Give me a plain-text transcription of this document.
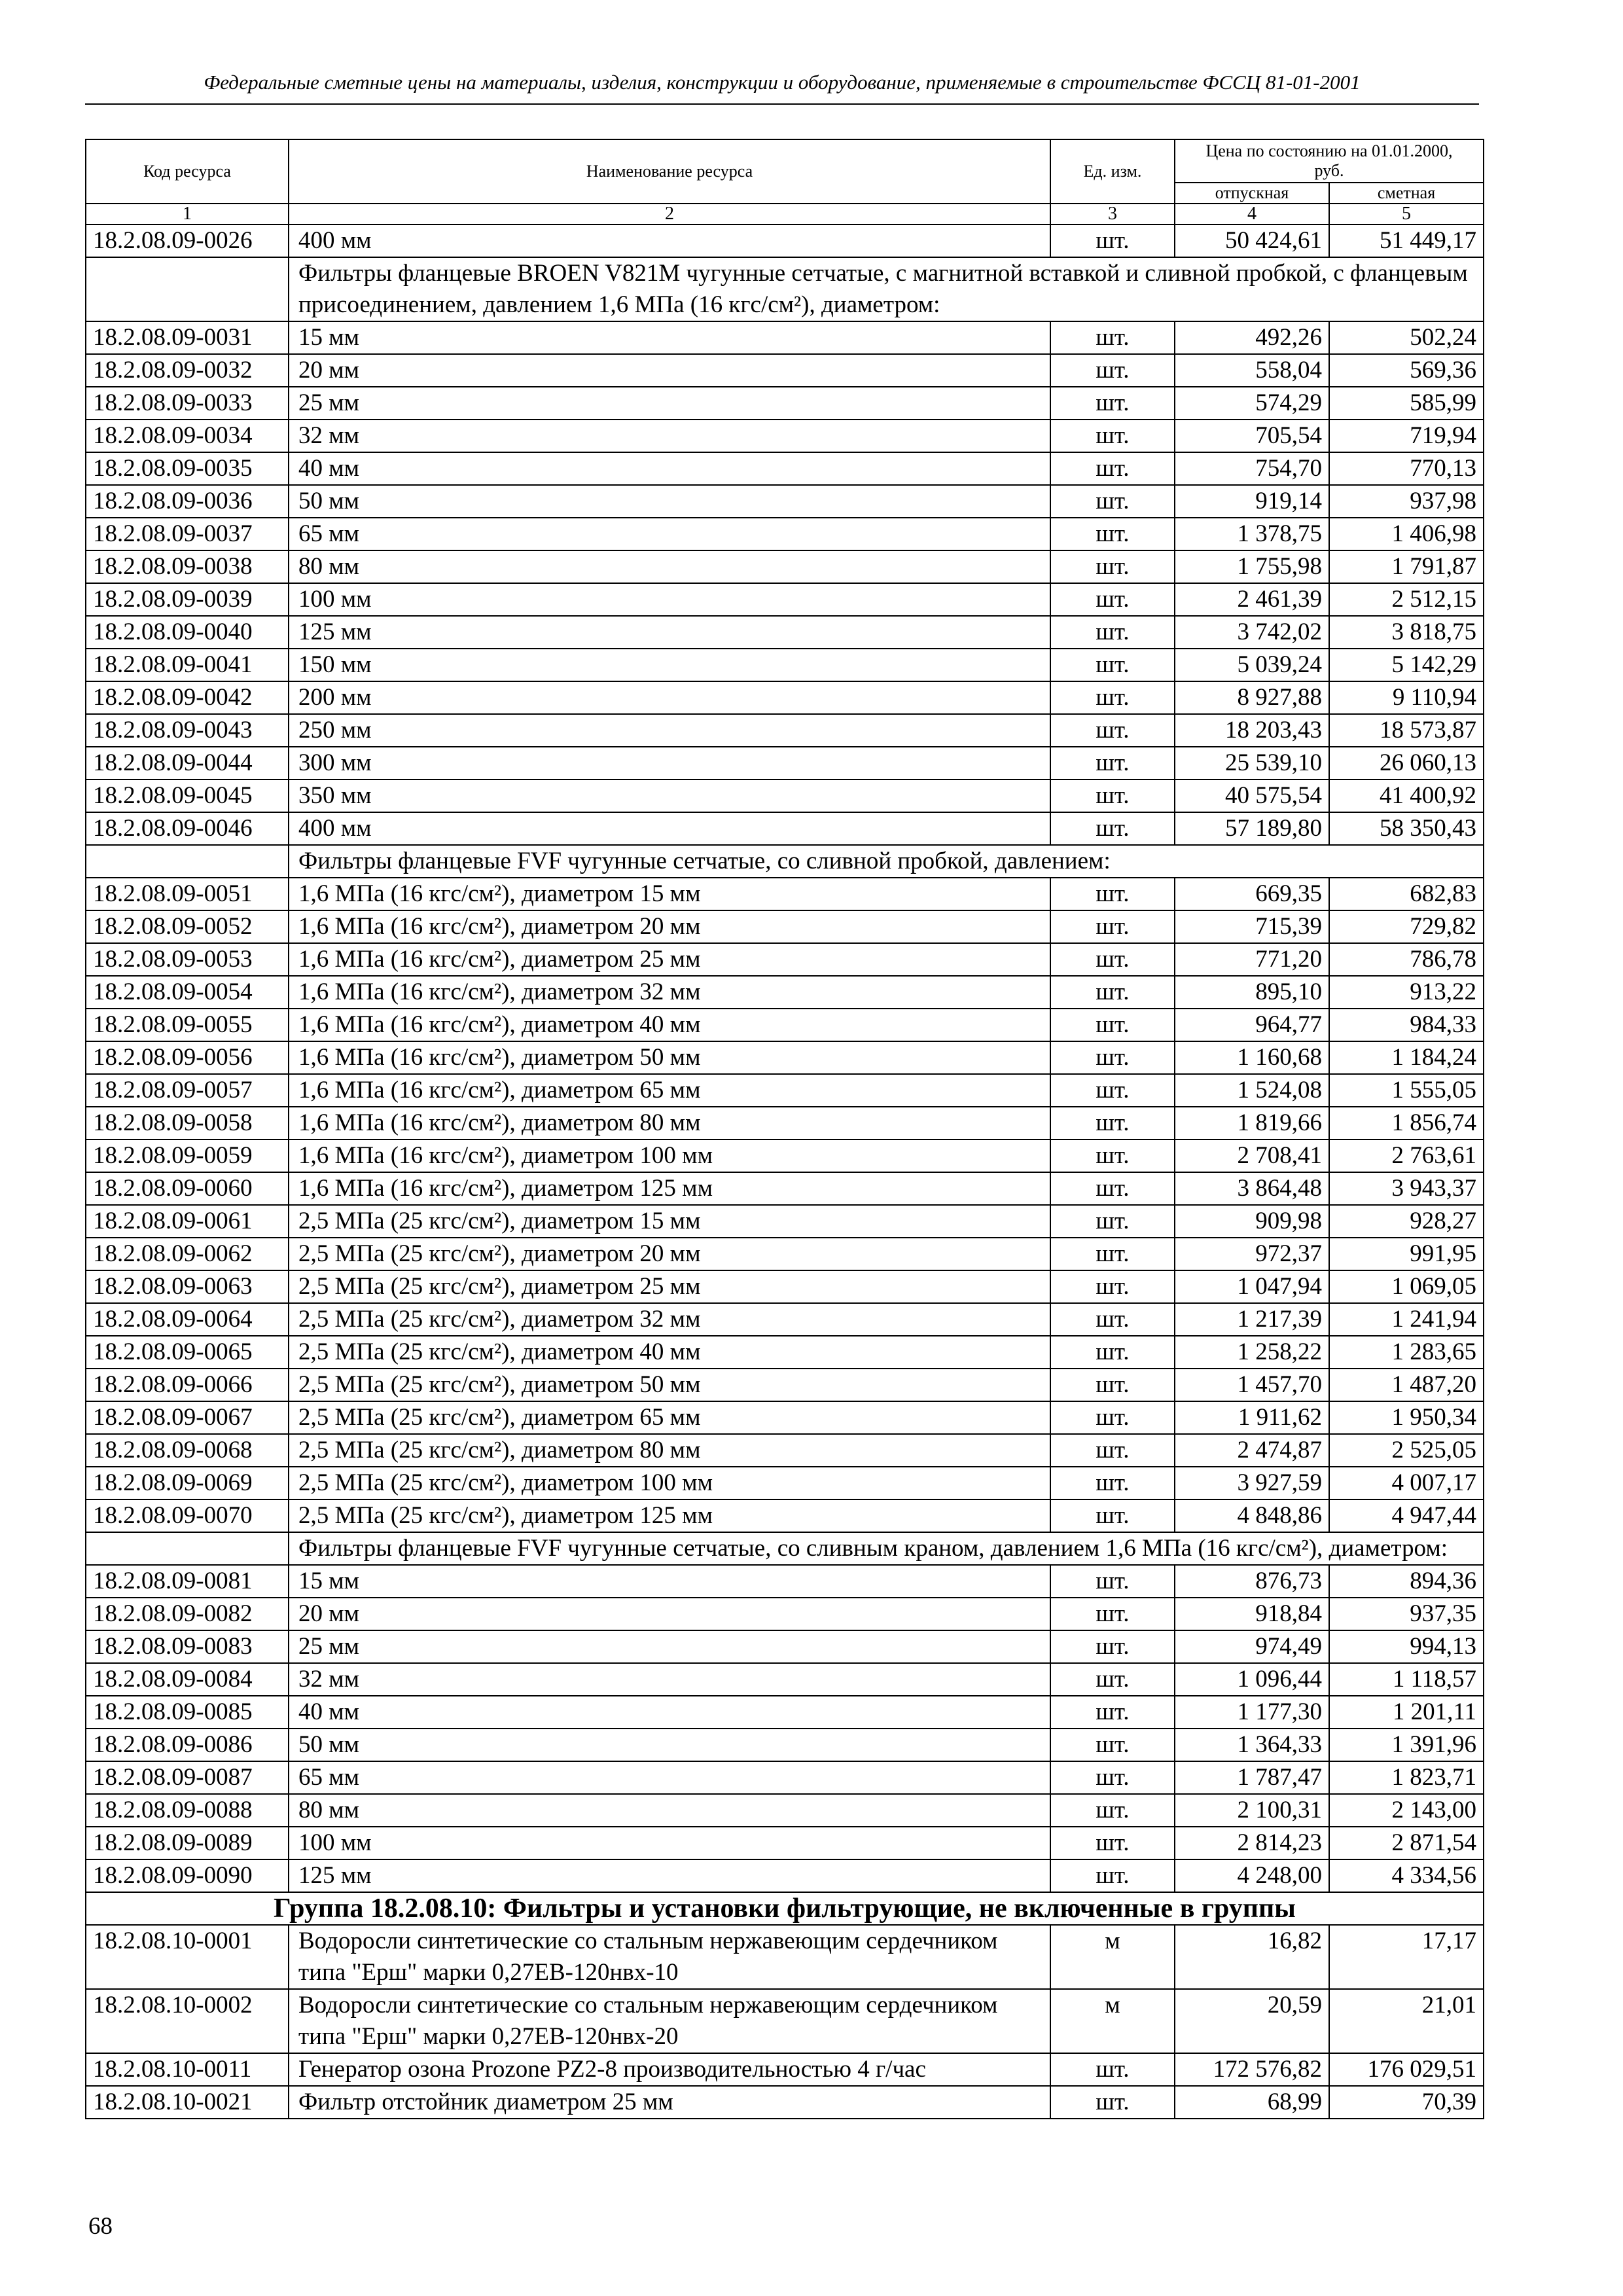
Федеральные сметные цены на материалы, изделия, конструкции и оборудование, применяемые в строительстве ФССЦ 81-01-2001
Код ресурса	Наименование ресурса	Ед. изм.	Цена по состоянию на 01.01.2000, руб.	
			отпускная	сметная
1	2	3	4	5
18.2.08.09-0026	400 мм	шт.	50 424,61	51 449,17
	Фильтры фланцевые BROEN V821M чугунные сетчатые, с магнитной вставкой и сливной пробкой, с фланцевым присоединением, давлением 1,6 МПа (16 кгс/см²), диаметром:			
18.2.08.09-0031	15 мм	шт.	492,26	502,24
18.2.08.09-0032	20 мм	шт.	558,04	569,36
18.2.08.09-0033	25 мм	шт.	574,29	585,99
18.2.08.09-0034	32 мм	шт.	705,54	719,94
18.2.08.09-0035	40 мм	шт.	754,70	770,13
18.2.08.09-0036	50 мм	шт.	919,14	937,98
18.2.08.09-0037	65 мм	шт.	1 378,75	1 406,98
18.2.08.09-0038	80 мм	шт.	1 755,98	1 791,87
18.2.08.09-0039	100 мм	шт.	2 461,39	2 512,15
18.2.08.09-0040	125 мм	шт.	3 742,02	3 818,75
18.2.08.09-0041	150 мм	шт.	5 039,24	5 142,29
18.2.08.09-0042	200 мм	шт.	8 927,88	9 110,94
18.2.08.09-0043	250 мм	шт.	18 203,43	18 573,87
18.2.08.09-0044	300 мм	шт.	25 539,10	26 060,13
18.2.08.09-0045	350 мм	шт.	40 575,54	41 400,92
18.2.08.09-0046	400 мм	шт.	57 189,80	58 350,43
	Фильтры фланцевые FVF чугунные сетчатые, со сливной пробкой, давлением:			
18.2.08.09-0051	1,6 МПа (16 кгс/см²), диаметром 15 мм	шт.	669,35	682,83
18.2.08.09-0052	1,6 МПа (16 кгс/см²), диаметром 20 мм	шт.	715,39	729,82
18.2.08.09-0053	1,6 МПа (16 кгс/см²), диаметром 25 мм	шт.	771,20	786,78
18.2.08.09-0054	1,6 МПа (16 кгс/см²), диаметром 32 мм	шт.	895,10	913,22
18.2.08.09-0055	1,6 МПа (16 кгс/см²), диаметром 40 мм	шт.	964,77	984,33
18.2.08.09-0056	1,6 МПа (16 кгс/см²), диаметром 50 мм	шт.	1 160,68	1 184,24
18.2.08.09-0057	1,6 МПа (16 кгс/см²), диаметром 65 мм	шт.	1 524,08	1 555,05
18.2.08.09-0058	1,6 МПа (16 кгс/см²), диаметром 80 мм	шт.	1 819,66	1 856,74
18.2.08.09-0059	1,6 МПа (16 кгс/см²), диаметром 100 мм	шт.	2 708,41	2 763,61
18.2.08.09-0060	1,6 МПа (16 кгс/см²), диаметром 125 мм	шт.	3 864,48	3 943,37
18.2.08.09-0061	2,5 МПа (25 кгс/см²), диаметром 15 мм	шт.	909,98	928,27
18.2.08.09-0062	2,5 МПа (25 кгс/см²), диаметром 20 мм	шт.	972,37	991,95
18.2.08.09-0063	2,5 МПа (25 кгс/см²), диаметром 25 мм	шт.	1 047,94	1 069,05
18.2.08.09-0064	2,5 МПа (25 кгс/см²), диаметром 32 мм	шт.	1 217,39	1 241,94
18.2.08.09-0065	2,5 МПа (25 кгс/см²), диаметром 40 мм	шт.	1 258,22	1 283,65
18.2.08.09-0066	2,5 МПа (25 кгс/см²), диаметром 50 мм	шт.	1 457,70	1 487,20
18.2.08.09-0067	2,5 МПа (25 кгс/см²), диаметром 65 мм	шт.	1 911,62	1 950,34
18.2.08.09-0068	2,5 МПа (25 кгс/см²), диаметром 80 мм	шт.	2 474,87	2 525,05
18.2.08.09-0069	2,5 МПа (25 кгс/см²), диаметром 100 мм	шт.	3 927,59	4 007,17
18.2.08.09-0070	2,5 МПа (25 кгс/см²), диаметром 125 мм	шт.	4 848,86	4 947,44
	Фильтры фланцевые FVF чугунные сетчатые, со сливным краном, давлением 1,6 МПа (16 кгс/см²), диаметром:			
18.2.08.09-0081	15 мм	шт.	876,73	894,36
18.2.08.09-0082	20 мм	шт.	918,84	937,35
18.2.08.09-0083	25 мм	шт.	974,49	994,13
18.2.08.09-0084	32 мм	шт.	1 096,44	1 118,57
18.2.08.09-0085	40 мм	шт.	1 177,30	1 201,11
18.2.08.09-0086	50 мм	шт.	1 364,33	1 391,96
18.2.08.09-0087	65 мм	шт.	1 787,47	1 823,71
18.2.08.09-0088	80 мм	шт.	2 100,31	2 143,00
18.2.08.09-0089	100 мм	шт.	2 814,23	2 871,54
18.2.08.09-0090	125 мм	шт.	4 248,00	4 334,56
Группа 18.2.08.10: Фильтры и установки фильтрующие, не включенные в группы				
18.2.08.10-0001	Водоросли синтетические со стальным нержавеющим сердечником типа "Ерш" марки 0,27ЕВ-120нвх-10	м	16,82	17,17
18.2.08.10-0002	Водоросли синтетические со стальным нержавеющим сердечником типа "Ерш" марки 0,27ЕВ-120нвх-20	м	20,59	21,01
18.2.08.10-0011	Генератор озона Prozone PZ2-8 производительностью 4 г/час	шт.	172 576,82	176 029,51
18.2.08.10-0021	Фильтр отстойник диаметром 25 мм	шт.	68,99	70,39
68
